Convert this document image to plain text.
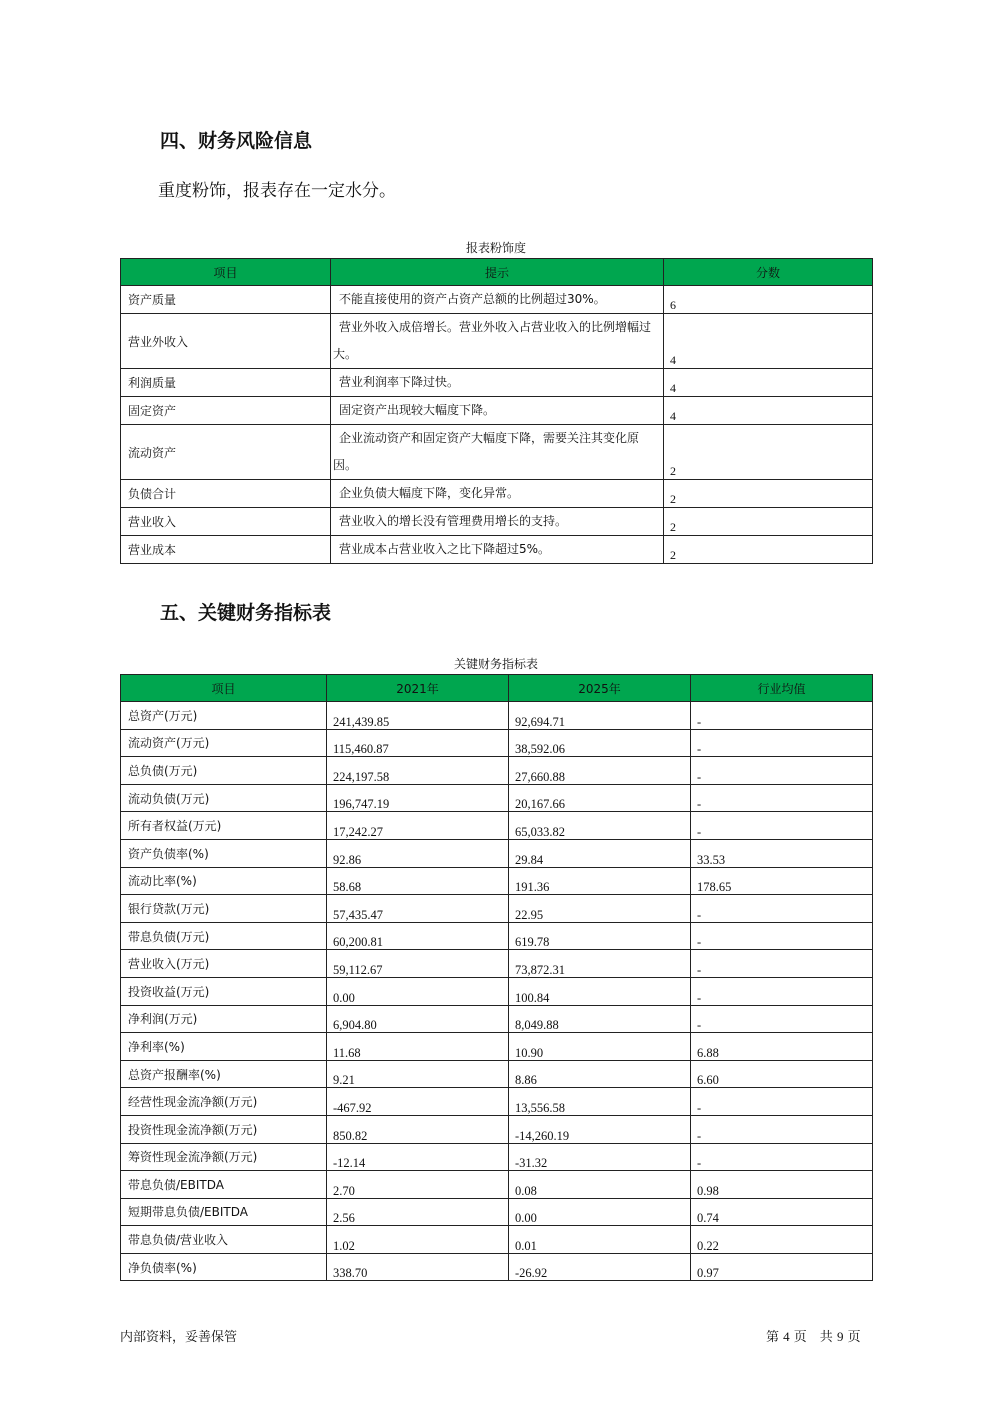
四、财务风险信息

重度粉饰，报表存在一定水分。

报表粉饰度
项目	提示	分数
资产质量	不能直接使用的资产占资产总额的比例超过30%。	6
营业外收入	营业外收入成倍增长。营业外收入占营业收入的比例增幅过大。	4
利润质量	营业利润率下降过快。	4
固定资产	固定资产出现较大幅度下降。	4
流动资产	企业流动资产和固定资产大幅度下降，需要关注其变化原因。	2
负债合计	企业负债大幅度下降，变化异常。	2
营业收入	营业收入的增长没有管理费用增长的支持。	2
营业成本	营业成本占营业收入之比下降超过5%。	2
五、关键财务指标表
关键财务指标表
项目	2021年	2025年	行业均值
总资产(万元)	241,439.85	92,694.71	-
流动资产(万元)	115,460.87	38,592.06	-
总负债(万元)	224,197.58	27,660.88	-
流动负债(万元)	196,747.19	20,167.66	-
所有者权益(万元)	17,242.27	65,033.82	-
资产负债率(%)	92.86	29.84	33.53
流动比率(%)	58.68	191.36	178.65
银行贷款(万元)	57,435.47	22.95	-
带息负债(万元)	60,200.81	619.78	-
营业收入(万元)	59,112.67	73,872.31	-
投资收益(万元)	0.00	100.84	-
净利润(万元)	6,904.80	8,049.88	-
净利率(%)	11.68	10.90	6.88
总资产报酬率(%)	9.21	8.86	6.60
经营性现金流净额(万元)	-467.92	13,556.58	-
投资性现金流净额(万元)	850.82	-14,260.19	-
筹资性现金流净额(万元)	-12.14	-31.32	-
带息负债/EBITDA	2.70	0.08	0.98
短期带息负债/EBITDA	2.56	0.00	0.74
带息负债/营业收入	1.02	0.01	0.22
净负债率(%)	338.70	-26.92	0.97

内部资料，妥善保管	第 4 页　共 9 页
